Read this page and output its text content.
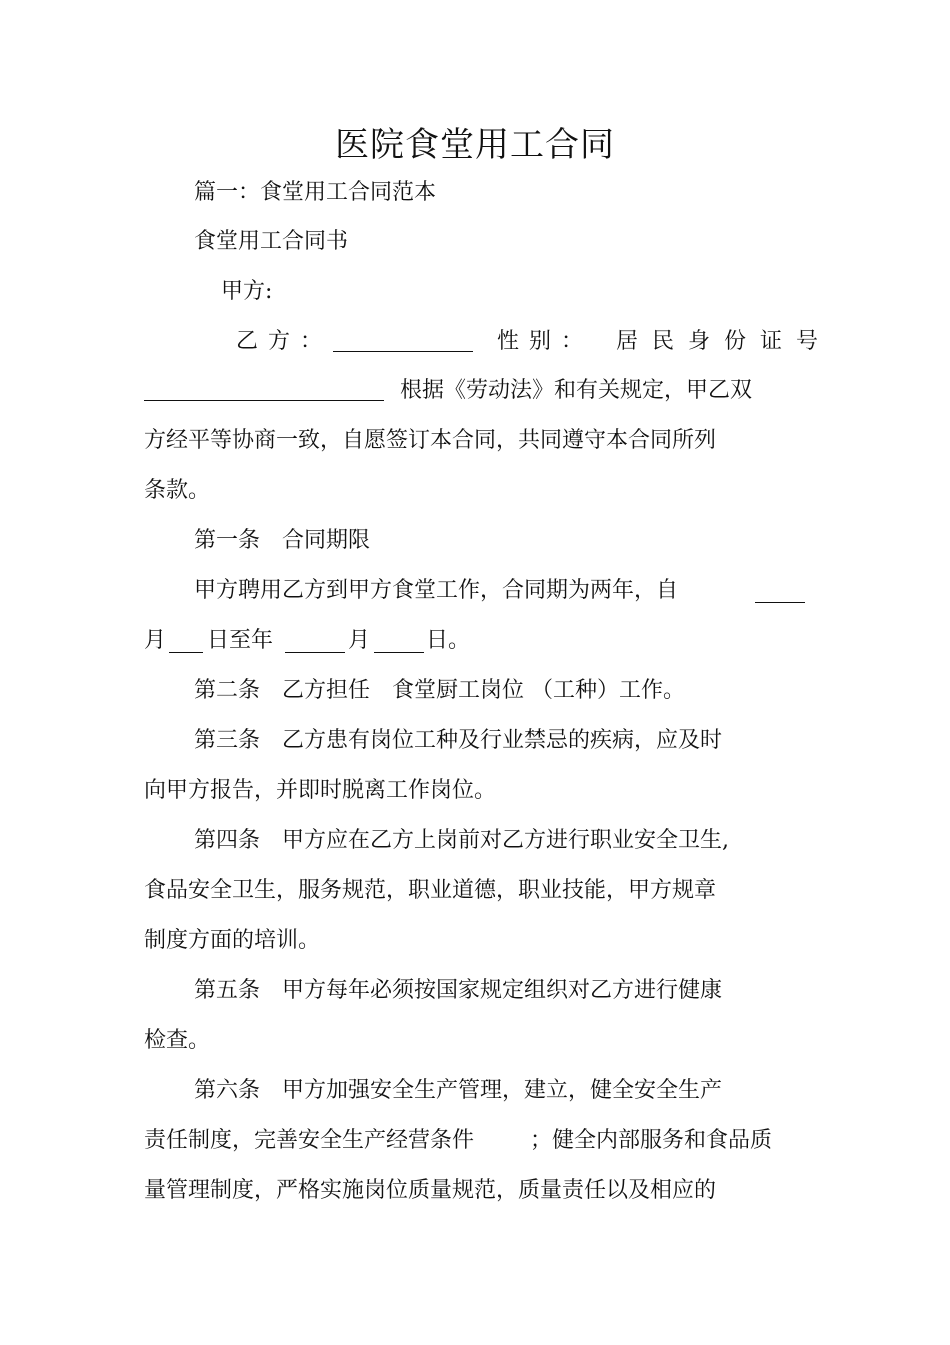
医院食堂用工合同

篇一：食堂用工合同范本

食堂用工合同书

甲方:

乙方：	性别： 居民身份证号

根据《劳动法》和有关规定，甲乙双

方经平等协商一致，自愿签订本合同，共同遵守本合同所列

条款。

第一条　合同期限

甲方聘用乙方到甲方食堂工作，合同期为两年，自

月 日至年	月	日。

第二条　乙方担任　食堂厨工岗位 （工种）工作。

第三条　乙方患有岗位工种及行业禁忌的疾病，应及时

向甲方报告，并即时脱离工作岗位。

第四条　甲方应在乙方上岗前对乙方进行职业安全卫生,

食品安全卫生，服务规范，职业道德，职业技能，甲方规章

制度方面的培训。

第五条　甲方每年必须按国家规定组织对乙方进行健康

检查。

第六条　甲方加强安全生产管理，建立，健全安全生产

责任制度，完善安全生产经营条件	；健全内部服务和食品质

量管理制度，严格实施岗位质量规范，质量责任以及相应的
